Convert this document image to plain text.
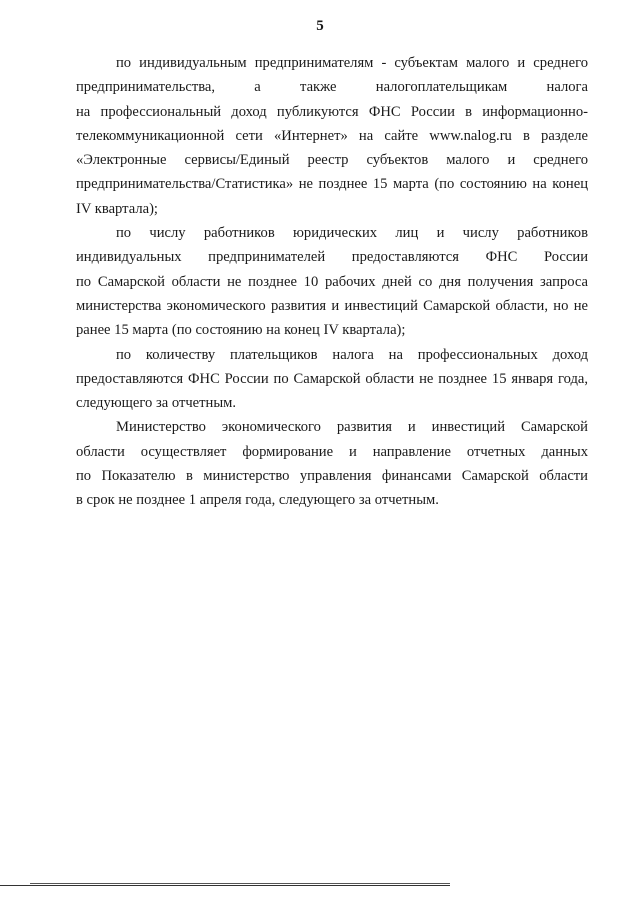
5

по индивидуальным предпринимателям - субъектам малого и среднего
предпринимательства, а также налогоплательщикам налога
на профессиональный доход публикуются ФНС России в информационно-
телекоммуникационной сети «Интернет» на сайте www.nalog.ru в разделе
«Электронные сервисы/Единый реестр субъектов малого и среднего
предпринимательства/Статистика» не позднее 15 марта (по состоянию на конец
IV квартала);

по числу работников юридических лиц и числу работников
индивидуальных предпринимателей предоставляются ФНС России
по Самарской области не позднее 10 рабочих дней со дня получения запроса
министерства экономического развития и инвестиций Самарской области, но не
ранее 15 марта (по состоянию на конец IV квартала);

по количеству плательщиков налога на профессиональных доход
предоставляются ФНС России по Самарской области не позднее 15 января года,
следующего за отчетным.

Министерство экономического развития и инвестиций Самарской
области осуществляет формирование и направление отчетных данных
по Показателю в министерство управления финансами Самарской области
в срок не позднее 1 апреля года, следующего за отчетным.
